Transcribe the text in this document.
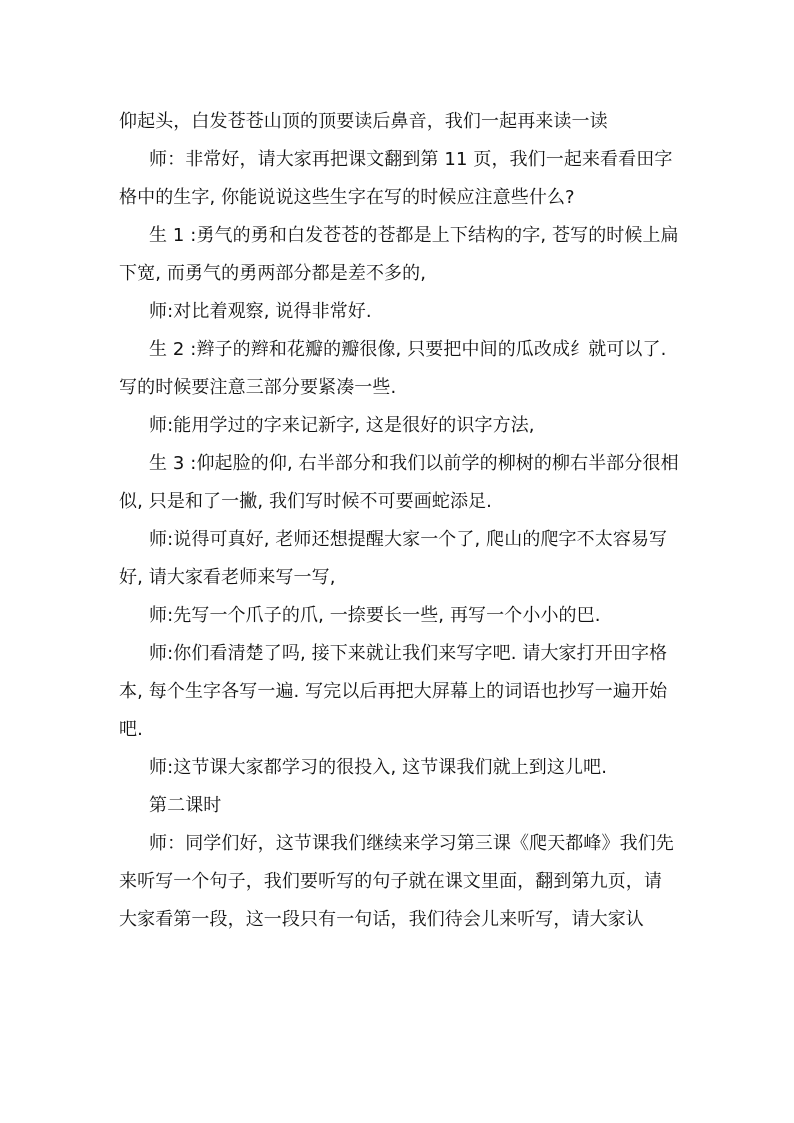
仰起头，白发苍苍山顶的顶要读后鼻音，我们一起再来读一读

师：非常好，请大家再把课文翻到第 11 页，我们一起来看看田字格中的生字, 你能说说这些生字在写的时候应注意些什么?

生 1 :勇气的勇和白发苍苍的苍都是上下结构的字, 苍写的时候上扁下宽, 而勇气的勇两部分都是差不多的,

师:对比着观察, 说得非常好.

生 2 :辫子的辫和花瓣的瓣很像, 只要把中间的瓜改成纟就可以了. 写的时候要注意三部分要紧凑一些.

师:能用学过的字来记新字, 这是很好的识字方法,

生 3 :仰起脸的仰, 右半部分和我们以前学的柳树的柳右半部分很相似, 只是和了一撇, 我们写时候不可要画蛇添足.

师:说得可真好, 老师还想提醒大家一个了, 爬山的爬字不太容易写好, 请大家看老师来写一写,

师:先写一个爪子的爪, 一捺要长一些, 再写一个小小的巴.

师:你们看清楚了吗, 接下来就让我们来写字吧. 请大家打开田字格本, 每个生字各写一遍. 写完以后再把大屏幕上的词语也抄写一遍开始吧.

师:这节课大家都学习的很投入, 这节课我们就上到这儿吧.

第二课时

师：同学们好，这节课我们继续来学习第三课《爬天都峰》我们先来听写一个句子，我们要听写的句子就在课文里面，翻到第九页，请大家看第一段，这一段只有一句话，我们待会儿来听写，请大家认
